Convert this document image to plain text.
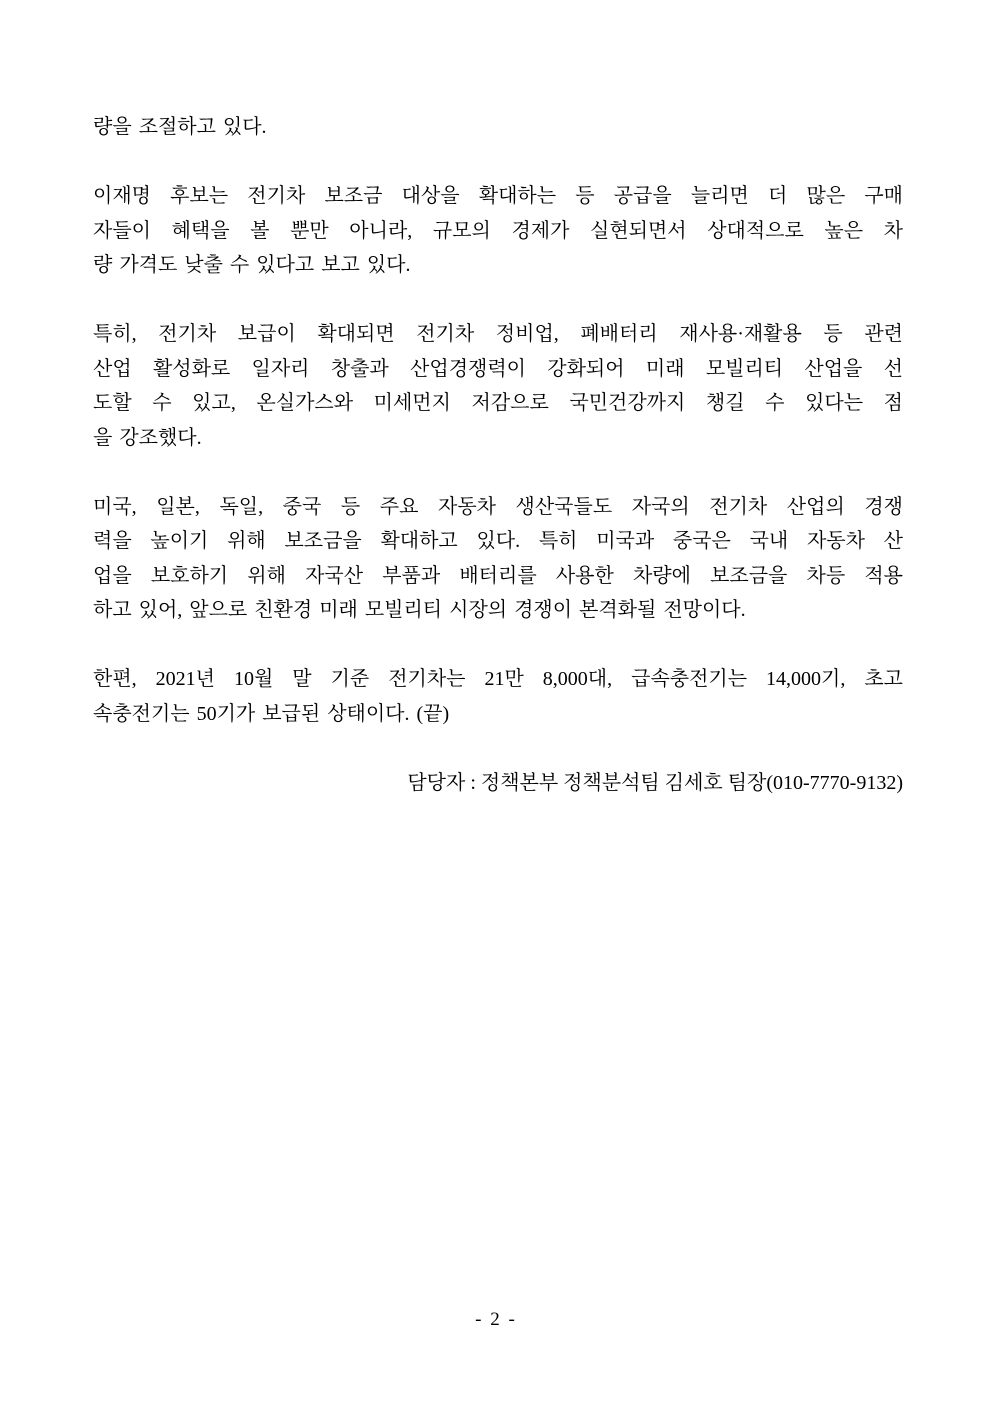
량을 조절하고 있다.

이재명 후보는 전기차 보조금 대상을 확대하는 등 공급을 늘리면 더 많은 구매
자들이 혜택을 볼 뿐만 아니라, 규모의 경제가 실현되면서 상대적으로 높은 차
량 가격도 낮출 수 있다고 보고 있다.

특히, 전기차 보급이 확대되면 전기차 정비업, 폐배터리 재사용·재활용 등 관련
산업 활성화로 일자리 창출과 산업경쟁력이 강화되어 미래 모빌리티 산업을 선
도할 수 있고, 온실가스와 미세먼지 저감으로 국민건강까지 챙길 수 있다는 점
을 강조했다.

미국, 일본, 독일, 중국 등 주요 자동차 생산국들도 자국의 전기차 산업의 경쟁
력을 높이기 위해 보조금을 확대하고 있다. 특히 미국과 중국은 국내 자동차 산
업을 보호하기 위해 자국산 부품과 배터리를 사용한 차량에 보조금을 차등 적용
하고 있어, 앞으로 친환경 미래 모빌리티 시장의 경쟁이 본격화될 전망이다.

한편, 2021년 10월 말 기준 전기차는 21만 8,000대, 급속충전기는 14,000기, 초고
속충전기는 50기가 보급된 상태이다. (끝)

담당자 : 정책본부 정책분석팀 김세호 팀장(010-7770-9132)
- 2 -
